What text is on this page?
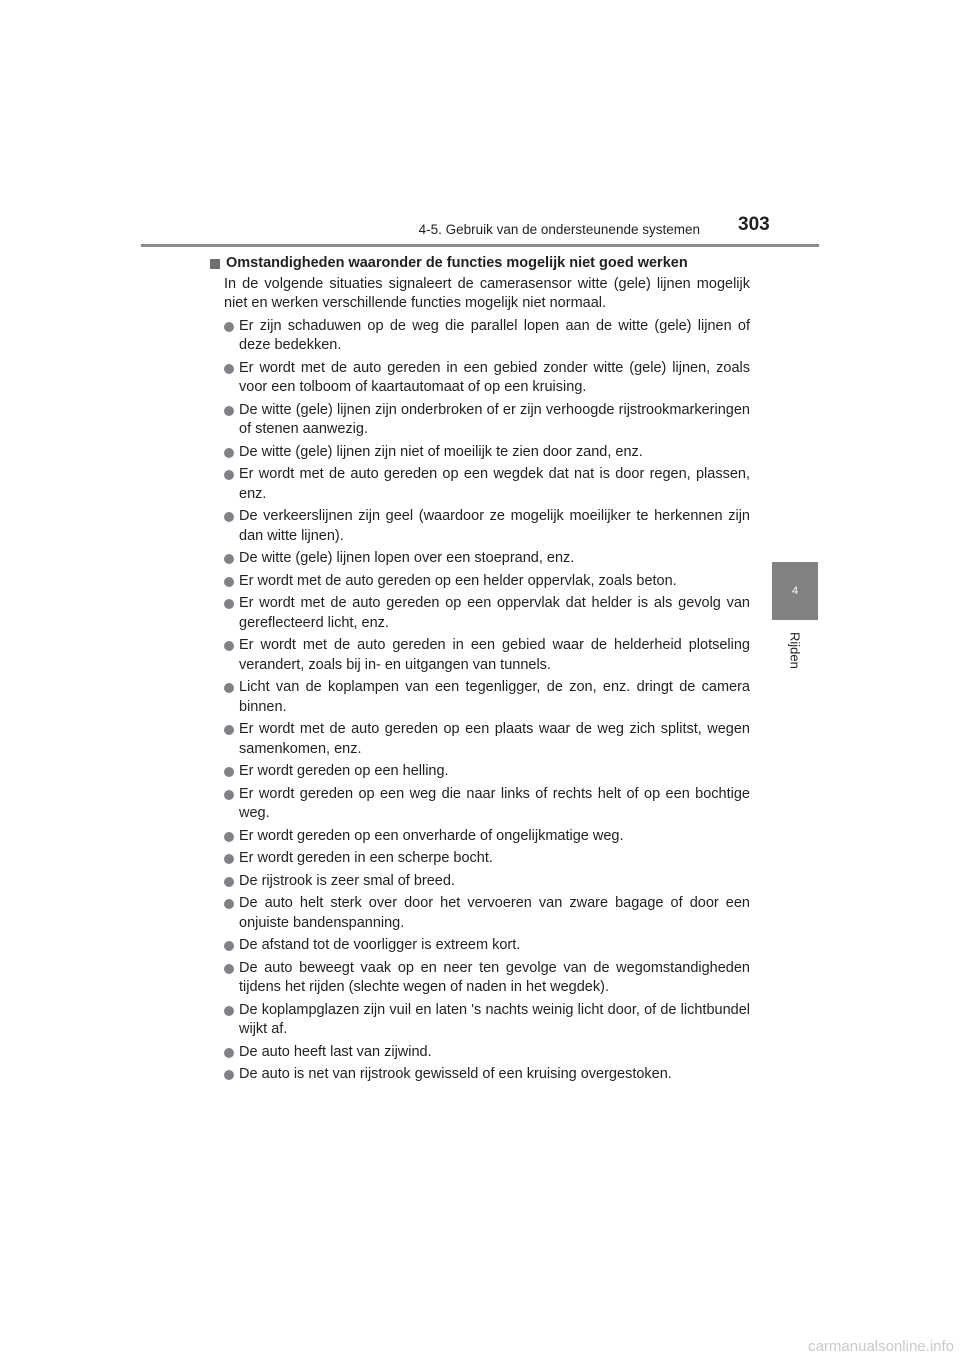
4-5. Gebruik van de ondersteunende systemen 303
4
Rijden
Omstandigheden waaronder de functies mogelijk niet goed werken
In de volgende situaties signaleert de camerasensor witte (gele) lijnen mogelijk niet en werken verschillende functies mogelijk niet normaal.
Er zijn schaduwen op de weg die parallel lopen aan de witte (gele) lijnen of deze bedekken.
Er wordt met de auto gereden in een gebied zonder witte (gele) lijnen, zoals voor een tolboom of kaartautomaat of op een kruising.
De witte (gele) lijnen zijn onderbroken of er zijn verhoogde rijstrookmarkeringen of stenen aanwezig.
De witte (gele) lijnen zijn niet of moeilijk te zien door zand, enz.
Er wordt met de auto gereden op een wegdek dat nat is door regen, plassen, enz.
De verkeerslijnen zijn geel (waardoor ze mogelijk moeilijker te herkennen zijn dan witte lijnen).
De witte (gele) lijnen lopen over een stoeprand, enz.
Er wordt met de auto gereden op een helder oppervlak, zoals beton.
Er wordt met de auto gereden op een oppervlak dat helder is als gevolg van gereflecteerd licht, enz.
Er wordt met de auto gereden in een gebied waar de helderheid plotseling verandert, zoals bij in- en uitgangen van tunnels.
Licht van de koplampen van een tegenligger, de zon, enz. dringt de camera binnen.
Er wordt met de auto gereden op een plaats waar de weg zich splitst, wegen samenkomen, enz.
Er wordt gereden op een helling.
Er wordt gereden op een weg die naar links of rechts helt of op een bochtige weg.
Er wordt gereden op een onverharde of ongelijkmatige weg.
Er wordt gereden in een scherpe bocht.
De rijstrook is zeer smal of breed.
De auto helt sterk over door het vervoeren van zware bagage of door een onjuiste bandenspanning.
De afstand tot de voorligger is extreem kort.
De auto beweegt vaak op en neer ten gevolge van de wegomstandigheden tijdens het rijden (slechte wegen of naden in het wegdek).
De koplampglazen zijn vuil en laten 's nachts weinig licht door, of de lichtbundel wijkt af.
De auto heeft last van zijwind.
De auto is net van rijstrook gewisseld of een kruising overgestoken.
carmanualsonline.info
